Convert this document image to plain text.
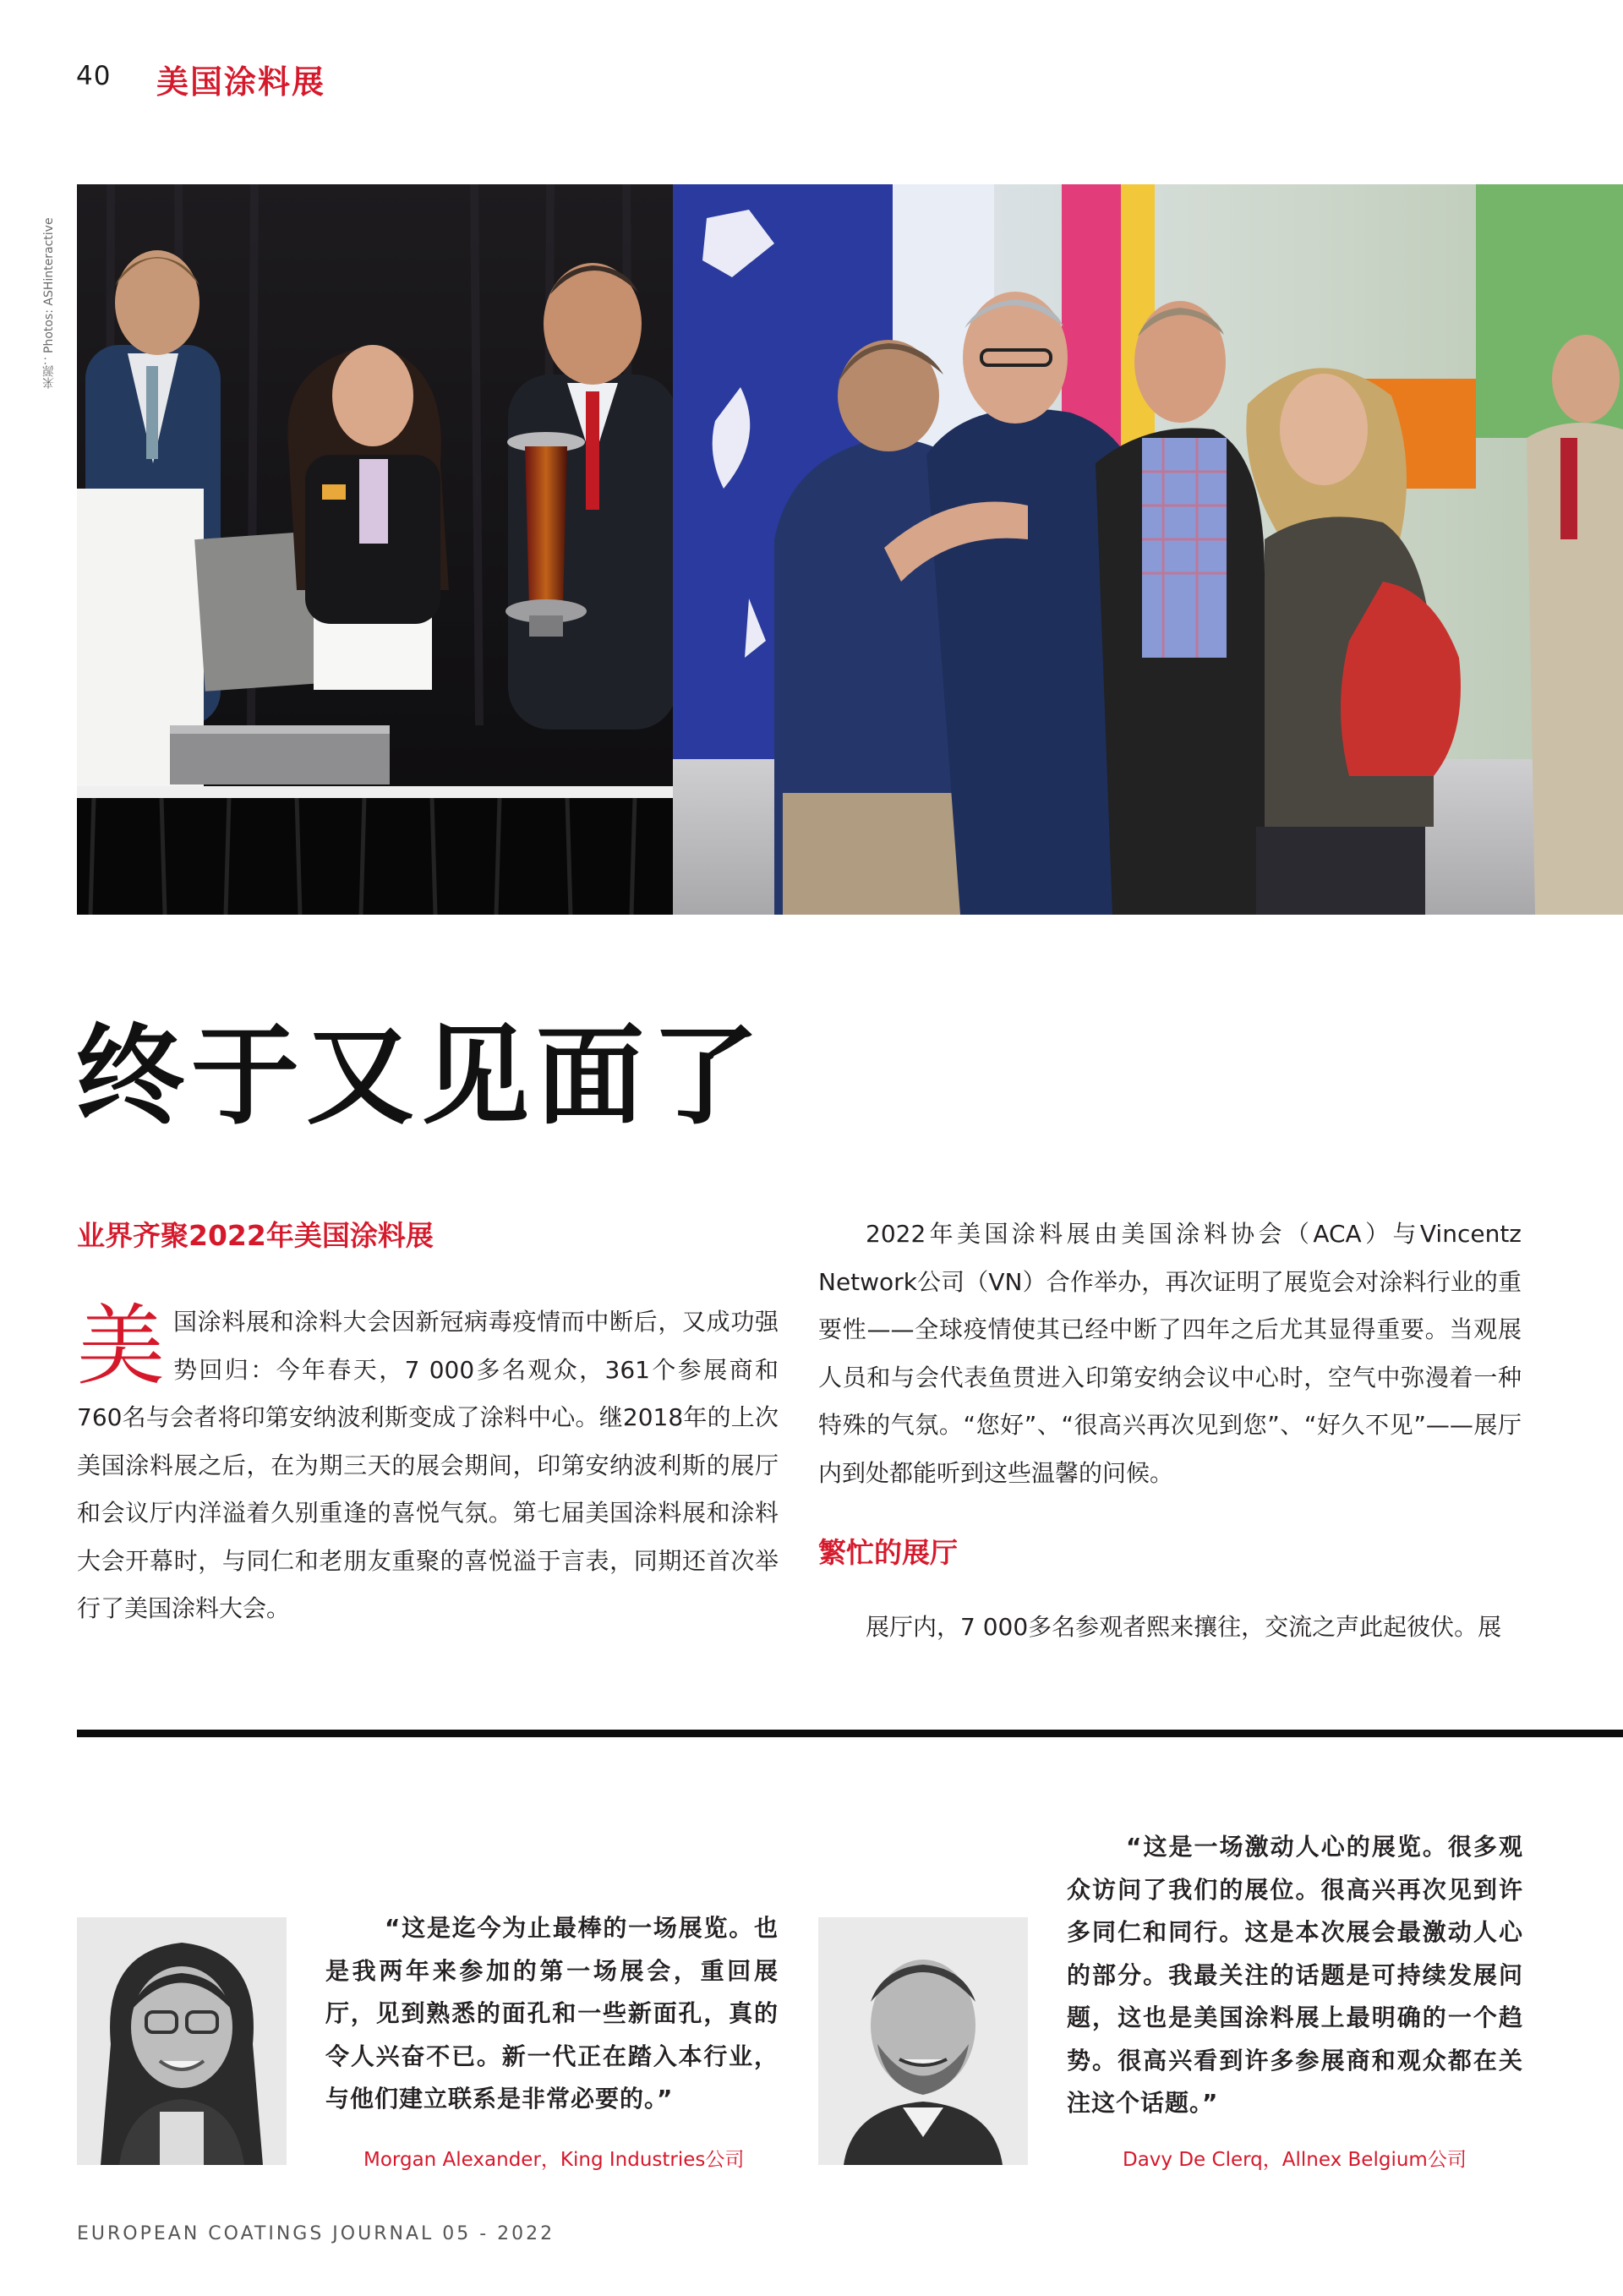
40 美国涂料展
来源：Photos: ASHinteractive
终于又见面了
业界齐聚2022年美国涂料展
美 国涂料展和涂料大会因新冠病毒疫情而中断后，又成功强势回归：今年春天，7 000多名观众，361个参展商和760名与会者将印第安纳波利斯变成了涂料中心。继2018年的上次美国涂料展之后，在为期三天的展会期间，印第安纳波利斯的展厅和会议厅内洋溢着久别重逢的喜悦气氛。第七届美国涂料展和涂料大会开幕时，与同仁和老朋友重聚的喜悦溢于言表，同期还首次举行了美国涂料大会。

2022年美国涂料展由美国涂料协会（ACA）与Vincentz Network公司（VN）合作举办，再次证明了展览会对涂料行业的重要性——全球疫情使其已经中断了四年之后尤其显得重要。当观展人员和与会代表鱼贯进入印第安纳会议中心时，空气中弥漫着一种特殊的气氛。“您好”、“很高兴再次见到您”、“好久不见”——展厅内到处都能听到这些温馨的问候。

繁忙的展厅

展厅内，7 000多名参观者熙来攘往，交流之声此起彼伏。展

“这是迄今为止最棒的一场展览。也是我两年来参加的第一场展会，重回展厅，见到熟悉的面孔和一些新面孔，真的令人兴奋不已。新一代正在踏入本行业，与他们建立联系是非常必要的。”
Morgan Alexander，King Industries公司
“这是一场激动人心的展览。很多观众访问了我们的展位。很高兴再次见到许多同仁和同行。这是本次展会最激动人心的部分。我最关注的话题是可持续发展问题，这也是美国涂料展上最明确的一个趋势。很高兴看到许多参展商和观众都在关注这个话题。”
Davy De Clerq，Allnex Belgium公司
EUROPEAN COATINGS JOURNAL 05 - 2022
